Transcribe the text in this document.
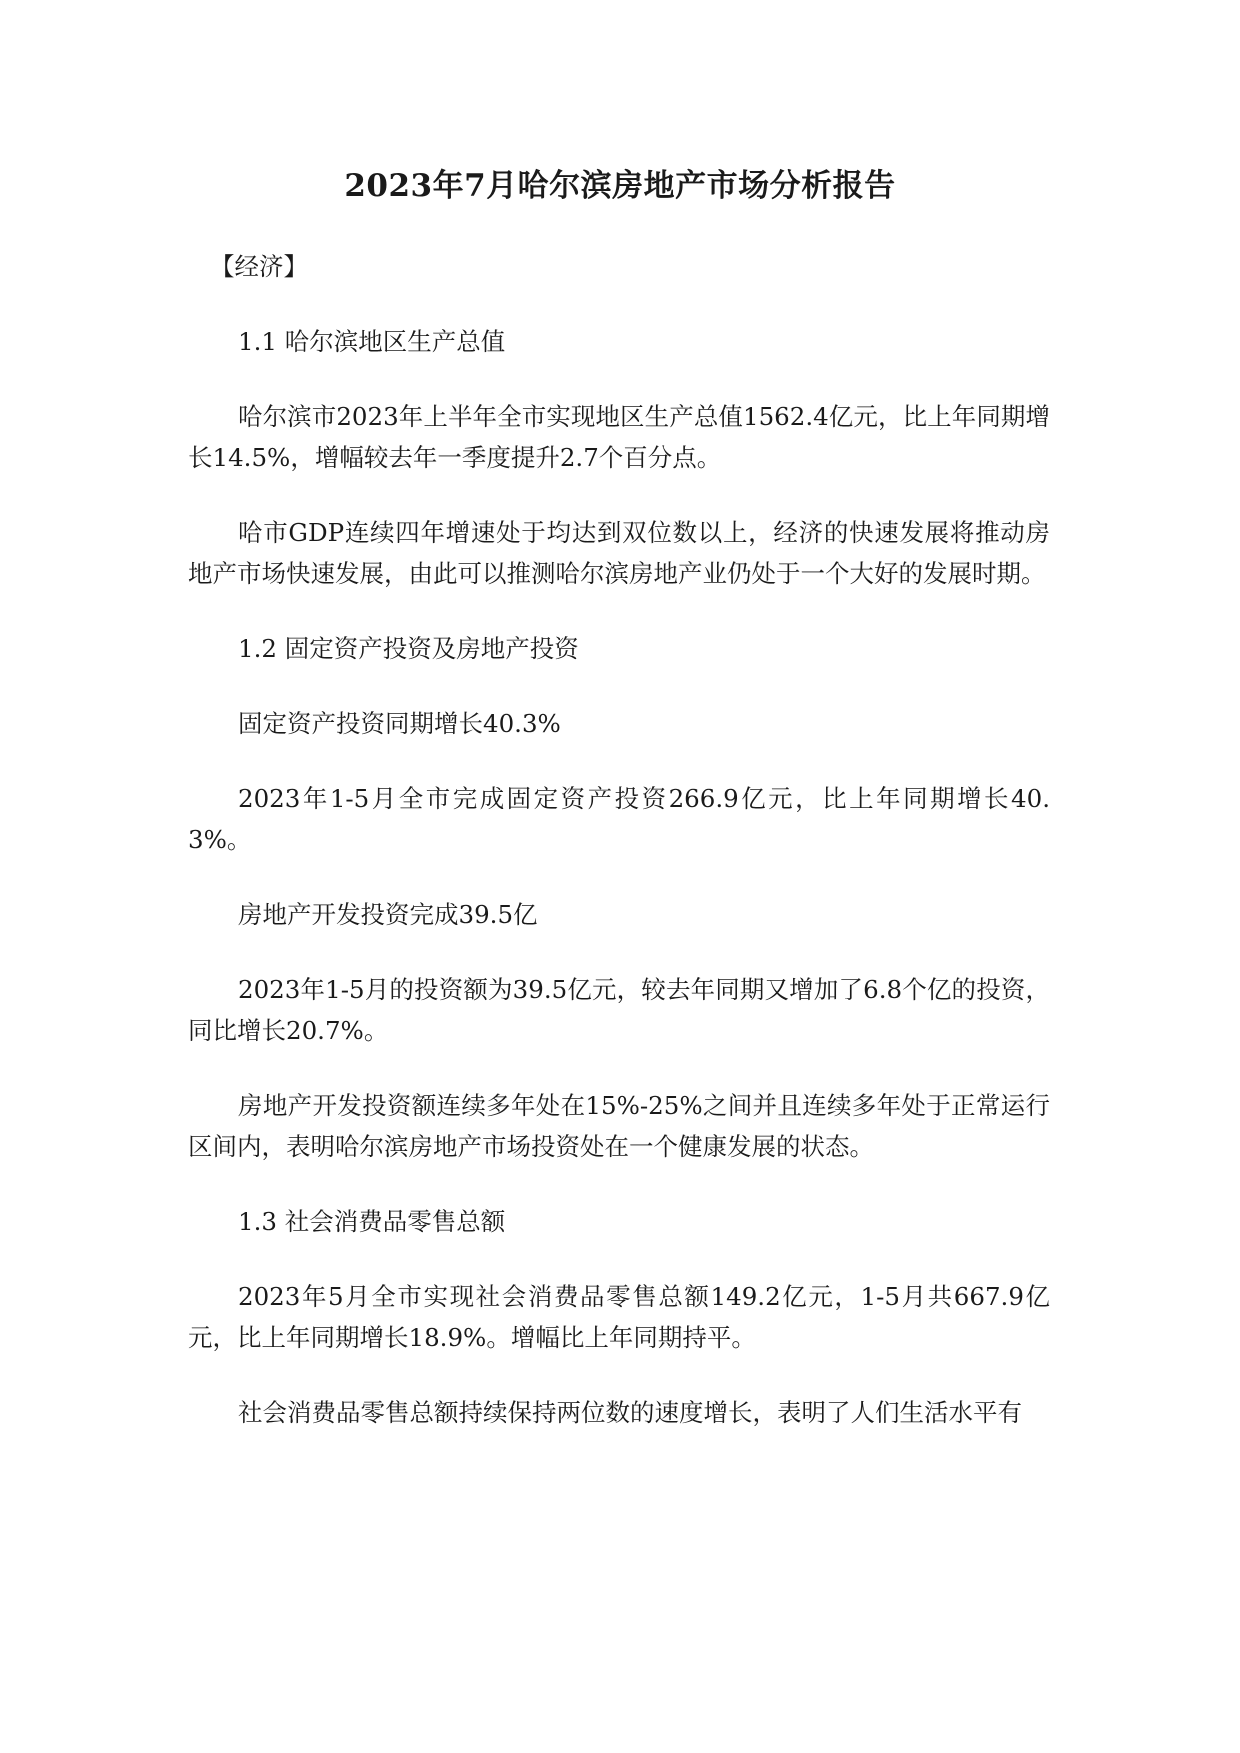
2023年7月哈尔滨房地产市场分析报告

【经济】

1.1 哈尔滨地区生产总值

哈尔滨市2023年上半年全市实现地区生产总值1562.4亿元，比上年同期增长14.5%，增幅较去年一季度提升2.7个百分点。

哈市GDP连续四年增速处于均达到双位数以上，经济的快速发展将推动房地产市场快速发展，由此可以推测哈尔滨房地产业仍处于一个大好的发展时期。

1.2 固定资产投资及房地产投资

固定资产投资同期增长40.3%

2023年1-5月全市完成固定资产投资266.9亿元，比上年同期增长40.3%。

房地产开发投资完成39.5亿

2023年1-5月的投资额为39.5亿元，较去年同期又增加了6.8个亿的投资，同比增长20.7%。

房地产开发投资额连续多年处在15%-25%之间并且连续多年处于正常运行区间内，表明哈尔滨房地产市场投资处在一个健康发展的状态。

1.3 社会消费品零售总额

2023年5月全市实现社会消费品零售总额149.2亿元，1-5月共667.9亿元，比上年同期增长18.9%。增幅比上年同期持平。

社会消费品零售总额持续保持两位数的速度增长，表明了人们生活水平有
